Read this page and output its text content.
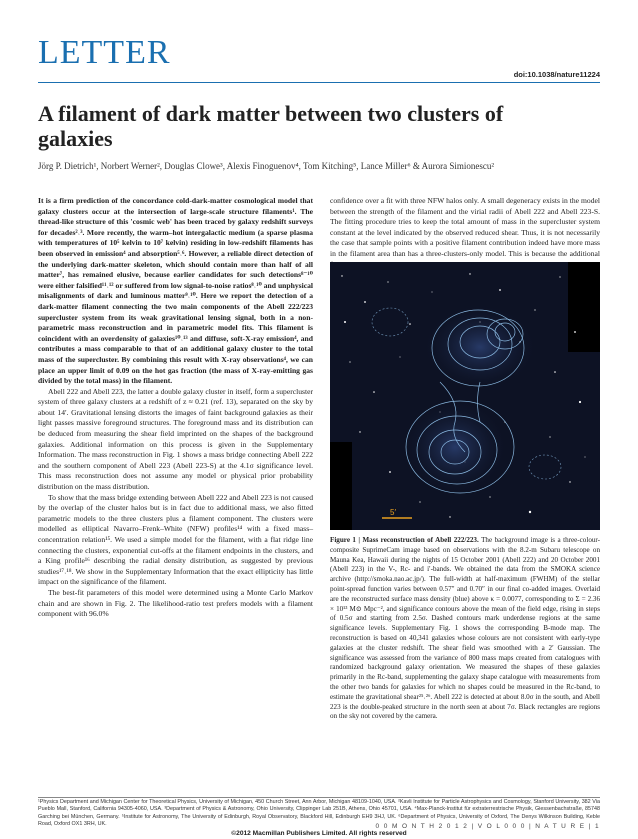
LETTER
doi:10.1038/nature11224
A filament of dark matter between two clusters of galaxies
Jörg P. Dietrich¹, Norbert Werner², Douglas Clowe³, Alexis Finoguenov⁴, Tom Kitching⁵, Lance Miller⁶ & Aurora Simionescu²

It is a firm prediction of the concordance cold-dark-matter cosmological model that galaxy clusters occur at the intersection of large-scale structure filaments¹. The thread-like structure of this 'cosmic web' has been traced by galaxy redshift surveys for decades²˒³. More recently, the warm–hot intergalactic medium (a sparse plasma with temperatures of 10⁵ kelvin to 10⁷ kelvin) residing in low-redshift filaments has been observed in emission⁴ and absorption⁵˒⁶. However, a reliable direct detection of the underlying dark-matter skeleton, which should contain more than half of all matter⁷, has remained elusive, because earlier candidates for such detections⁸⁻¹⁰ were either falsified¹¹˒¹² or suffered from low signal-to-noise ratios⁸˒¹⁰ and unphysical misalignments of dark and luminous matter⁹˒¹⁰. Here we report the detection of a dark-matter filament connecting the two main components of the Abell 222/223 supercluster system from its weak gravitational lensing signal, both in a non-parametric mass reconstruction and in parametric model fits. This filament is coincident with an overdensity of galaxies¹⁰˒¹³ and diffuse, soft-X-ray emission⁴, and contributes a mass comparable to that of an additional galaxy cluster to the total mass of the supercluster. By combining this result with X-ray observations⁴, we can place an upper limit of 0.09 on the hot gas fraction (the mass of X-ray-emitting gas divided by the total mass) in the filament.

Abell 222 and Abell 223, the latter a double galaxy cluster in itself, form a supercluster system of three galaxy clusters at a redshift of z ≈ 0.21 (ref. 13), separated on the sky by about 14′. Gravitational lensing distorts the images of faint background galaxies as their light passes massive foreground structures. The foreground mass and its distribution can be deduced from measuring the shear field imprinted on the shapes of the background galaxies. Additional information on this process is given in the Supplementary Information. The mass reconstruction in Fig. 1 shows a mass bridge connecting Abell 222 and the southern component of Abell 223 (Abell 223-S) at the 4.1σ significance level. This mass reconstruction does not assume any model or physical prior probability distribution on the mass distribution.

To show that the mass bridge extending between Abell 222 and Abell 223 is not caused by the overlap of the cluster halos but is in fact due to additional mass, we also fitted parametric models to the three clusters plus a filament component. The clusters were modelled as elliptical Navarro–Frenk–White (NFW) profiles¹⁴ with a fixed mass–concentration relation¹⁵. We used a simple model for the filament, with a flat ridge line connecting the clusters, exponential cut-offs at the filament endpoints in the clusters, and a King profile¹⁶ describing the radial density distribution, as suggested by previous studies¹⁷˒¹⁸. We show in the Supplementary Information that the exact ellipticity has little impact on the significance of the filament.

The best-fit parameters of this model were determined using a Monte Carlo Markov chain and are shown in Fig. 2. The likelihood-ratio test prefers models with a filament component with 96.0%

confidence over a fit with three NFW halos only. A small degeneracy exists in the model between the strength of the filament and the virial radii of Abell 222 and Abell 223-S. The fitting procedure tries to keep the total amount of mass in the supercluster system constant at the level indicated by the observed reduced shear. Thus, it is not necessarily the case that sample points with a positive filament contribution indeed have more mass in the filament area than has a three-clusters-only model. This is because the additional
5′
Figure 1 | Mass reconstruction of Abell 222/223. The background image is a three-colour-composite SuprimeCam image based on observations with the 8.2-m Subaru telescope on Mauna Kea, Hawaii during the nights of 15 October 2001 (Abell 222) and 20 October 2001 (Abell 223) in the V-, Rc- and i′-bands. We obtained the data from the SMOKA science archive (http://smoka.nao.ac.jp/). The full-width at half-maximum (FWHM) of the stellar point-spread function varies between 0.57″ and 0.70″ in our final co-added images. Overlaid are the reconstructed surface mass density (blue) above κ = 0.0077, corresponding to Σ = 2.36 × 10¹³ M⊙ Mpc⁻², and significance contours above the mean of the field edge, rising in steps of 0.5σ and starting from 2.5σ. Dashed contours mark underdense regions at the same significance levels. Supplementary Fig. 1 shows the corresponding B-mode map. The reconstruction is based on 40,341 galaxies whose colours are not consistent with early-type galaxies at the cluster redshift. The shear field was smoothed with a 2′ Gaussian. The significance was assessed from the variance of 800 mass maps created from catalogues with randomized background galaxy orientation. We measured the shapes of these galaxies primarily in the Rc-band, supplementing the galaxy shape catalogue with measurements from the other two bands for galaxies for which no shapes could be measured in the Rc-band, to estimate the gravitational shear²⁵˒²⁶. Abell 222 is detected at about 8.0σ in the south, and Abell 223 is the double-peaked structure in the north seen at about 7σ. Black rectangles are regions on the sky not covered by the camera.
¹Physics Department and Michigan Center for Theoretical Physics, University of Michigan, 450 Church Street, Ann Arbor, Michigan 48109-1040, USA. ²Kavli Institute for Particle Astrophysics and Cosmology, Stanford University, 382 Via Pueblo Mall, Stanford, California 94305-4060, USA. ³Department of Physics & Astronomy, Ohio University, Clippinger Lab 251B, Athens, Ohio 45701, USA. ⁴Max-Planck-Institut für extraterrestrische Physik, Giessenbachstraße, 85748 Garching bei München, Germany. ⁵Institute for Astronomy, The University of Edinburgh, Royal Observatory, Blackford Hill, Edinburgh EH9 3HJ, UK. ⁶Department of Physics, University of Oxford, The Denys Wilkinson Building, Keble Road, Oxford OX1 3RH, UK.	0 0 M O N T H 2 0 1 2 | V O L 0 0 0 | N A T U R E | 1
©2012 Macmillan Publishers Limited. All rights reserved
